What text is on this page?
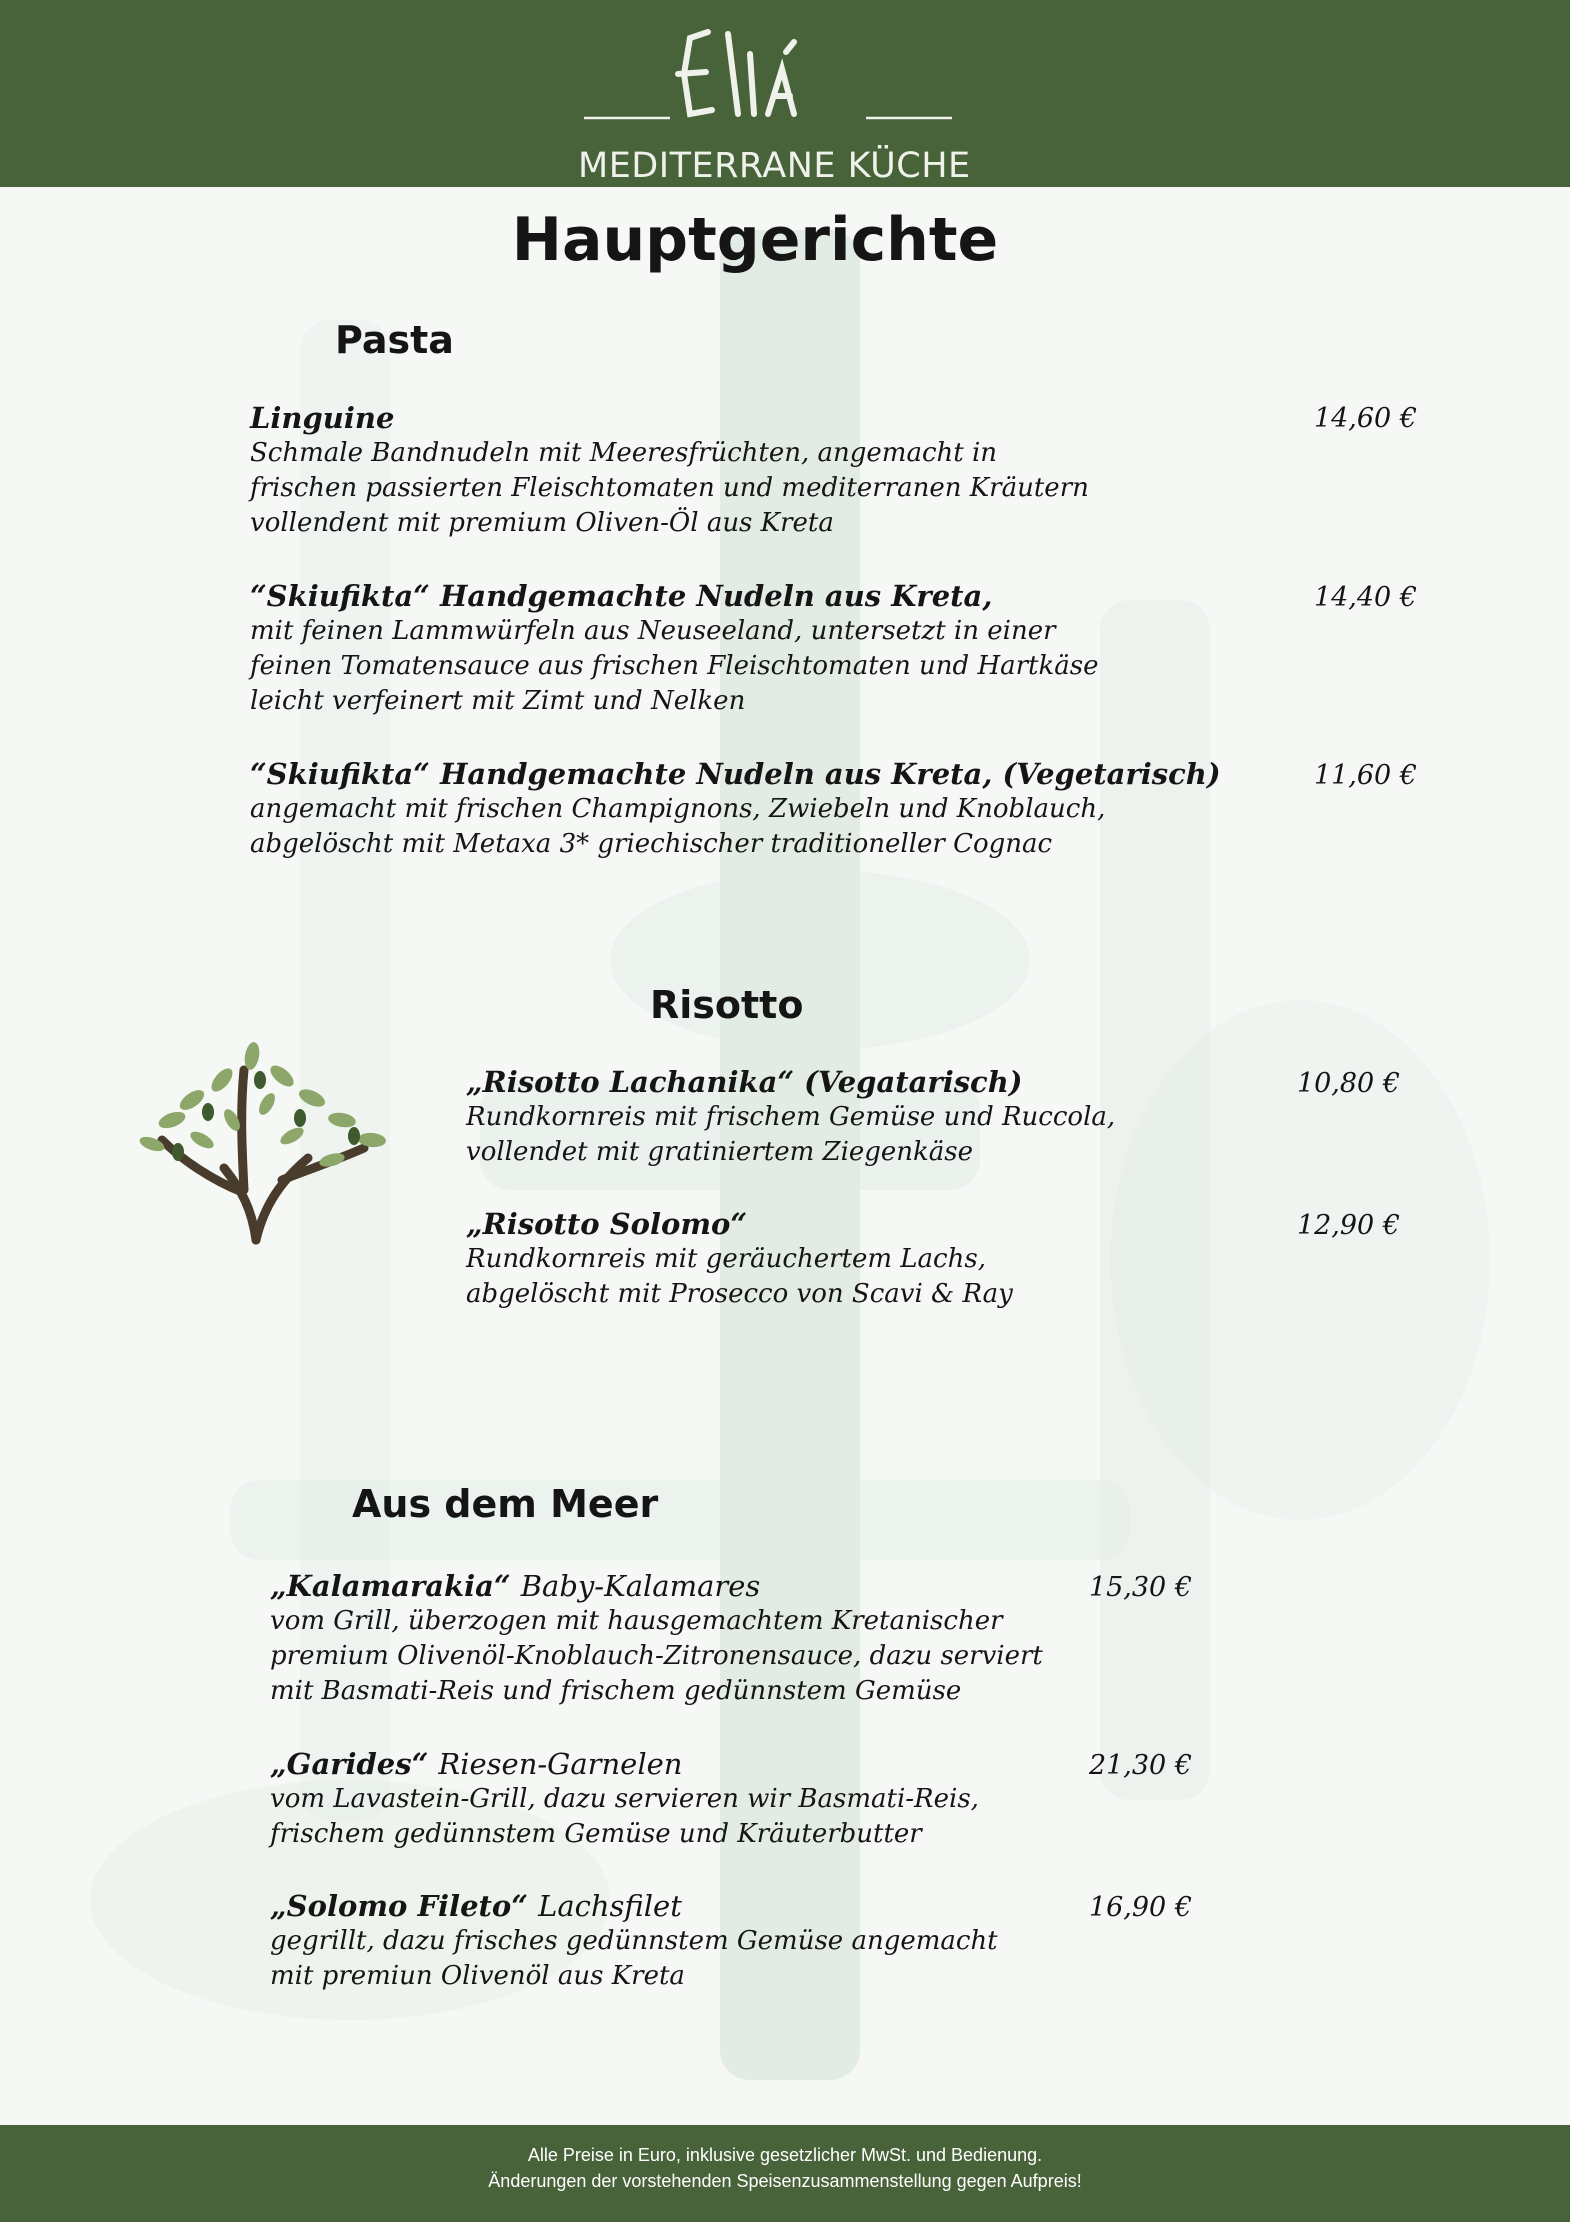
MEDITERRANE KÜCHE
Hauptgerichte
Pasta
Linguine
Schmale Bandnudeln mit Meeresfrüchten, angemacht in
frischen passierten Fleischtomaten und mediterranen Kräutern
vollendent mit premium Oliven-Öl aus Kreta
14,60 €
“Skiufikta“ Handgemachte Nudeln aus Kreta,
mit feinen Lammwürfeln aus Neuseeland, untersetzt in einer
feinen Tomatensauce aus frischen Fleischtomaten und Hartkäse
leicht verfeinert mit Zimt und Nelken
14,40 €
“Skiufikta“ Handgemachte Nudeln aus Kreta, (Vegetarisch)
angemacht mit frischen Champignons, Zwiebeln und Knoblauch,
abgelöscht mit Metaxa 3* griechischer traditioneller Cognac
11,60 €
Risotto
„Risotto Lachanika“ (Vegatarisch)
Rundkornreis mit frischem Gemüse und Ruccola,
vollendet mit gratiniertem Ziegenkäse
10,80 €
„Risotto Solomo“
Rundkornreis mit geräuchertem Lachs,
abgelöscht mit Prosecco von Scavi & Ray
12,90 €
Aus dem Meer
„Kalamarakia“ Baby-Kalamares
vom Grill, überzogen mit hausgemachtem Kretanischer
premium Olivenöl-Knoblauch-Zitronensauce, dazu serviert
mit Basmati-Reis und frischem gedünnstem Gemüse
15,30 €
„Garides“ Riesen-Garnelen
vom Lavastein-Grill, dazu servieren wir Basmati-Reis,
frischem gedünnstem Gemüse und Kräuterbutter
21,30 €
„Solomo Fileto“ Lachsfilet
gegrillt, dazu frisches gedünnstem Gemüse angemacht
mit premiun Olivenöl aus Kreta
16,90 €
Alle Preise in Euro, inklusive gesetzlicher MwSt. und Bedienung.
Änderungen der vorstehenden Speisenzusammenstellung gegen Aufpreis!
